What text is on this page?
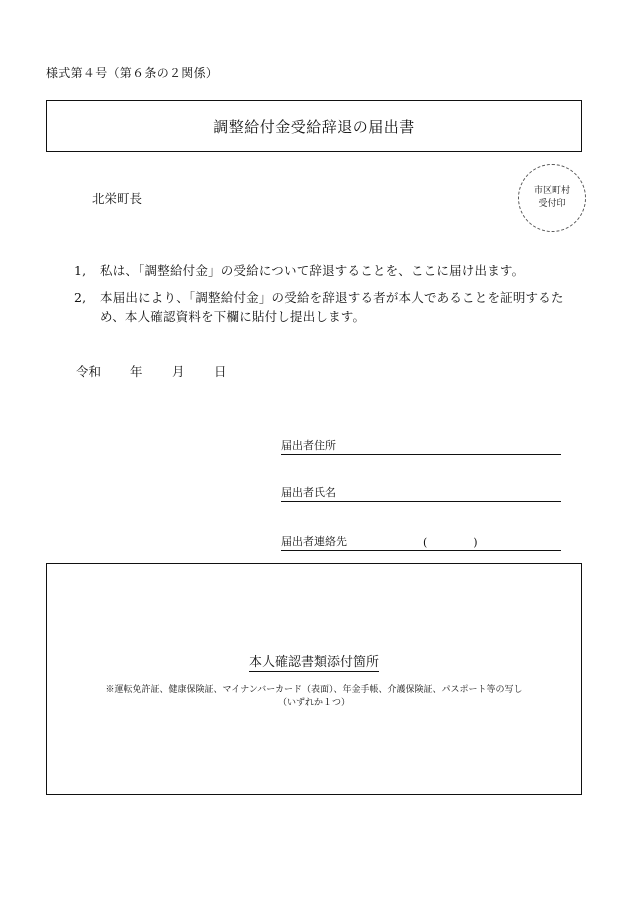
様式第４号（第６条の２関係）
調整給付金受給辞退の届出書
北栄町長	市区町村
受付印
1,	私は、「調整給付金」の受給について辞退することを、ここに届け出ます。
2,	本届出により、「調整給付金」の受給を辞退する者が本人であることを証明するため、本人確認資料を下欄に貼付し提出します。
令和	年	月	日
届出者住所
届出者氏名
届出者連絡先	(	)
本人確認書類添付箇所
※運転免許証、健康保険証、マイナンバーカード（表面）、年金手帳、介護保険証、パスポート等の写し
（いずれか１つ）
